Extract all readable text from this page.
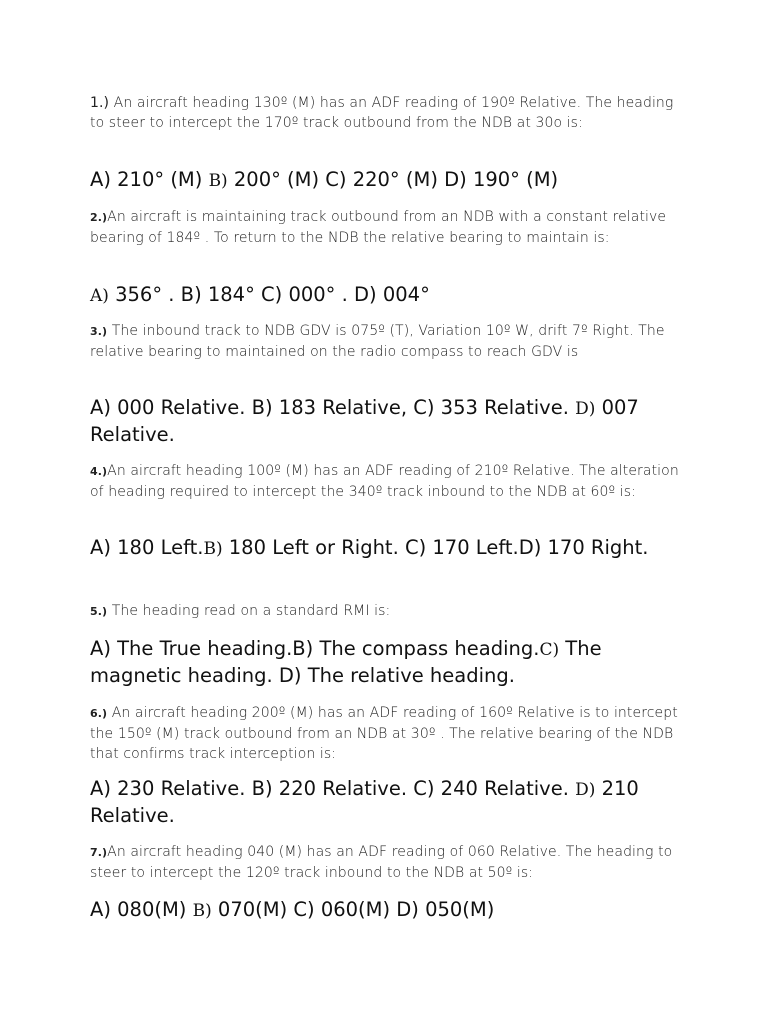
1.) An aircraft heading 130º (M) has an ADF reading of 190º Relative. The heading to steer to intercept the 170º track outbound from the NDB at 30o is:

A) 210° (M) B) 200° (M) C) 220° (M) D) 190° (M)

2.)An aircraft is maintaining track outbound from an NDB with a constant relative bearing of 184º . To return to the NDB the relative bearing to maintain is:

A) 356° . B) 184° C) 000° . D) 004°

3.) The inbound track to NDB GDV is 075º (T), Variation 10º W, drift 7º Right. The relative bearing to maintained on the radio compass to reach GDV is

A) 000 Relative. B) 183 Relative, C) 353 Relative. D) 007 Relative.

4.)An aircraft heading 100º (M) has an ADF reading of 210º Relative. The alteration of heading required to intercept the 340º track inbound to the NDB at 60º is:

A) 180 Left.B) 180 Left or Right. C) 170 Left.D) 170 Right.

5.) The heading read on a standard RMI is:

A) The True heading.B) The compass heading.C) The magnetic heading. D) The relative heading.

6.) An aircraft heading 200º (M) has an ADF reading of 160º Relative is to intercept the 150º (M) track outbound from an NDB at 30º . The relative bearing of the NDB that confirms track interception is:

A) 230 Relative. B) 220 Relative. C) 240 Relative. D) 210 Relative.

7.)An aircraft heading 040 (M) has an ADF reading of 060 Relative. The heading to steer to intercept the 120º track inbound to the NDB at 50º is:

A) 080(M) B) 070(M) C) 060(M) D) 050(M)
